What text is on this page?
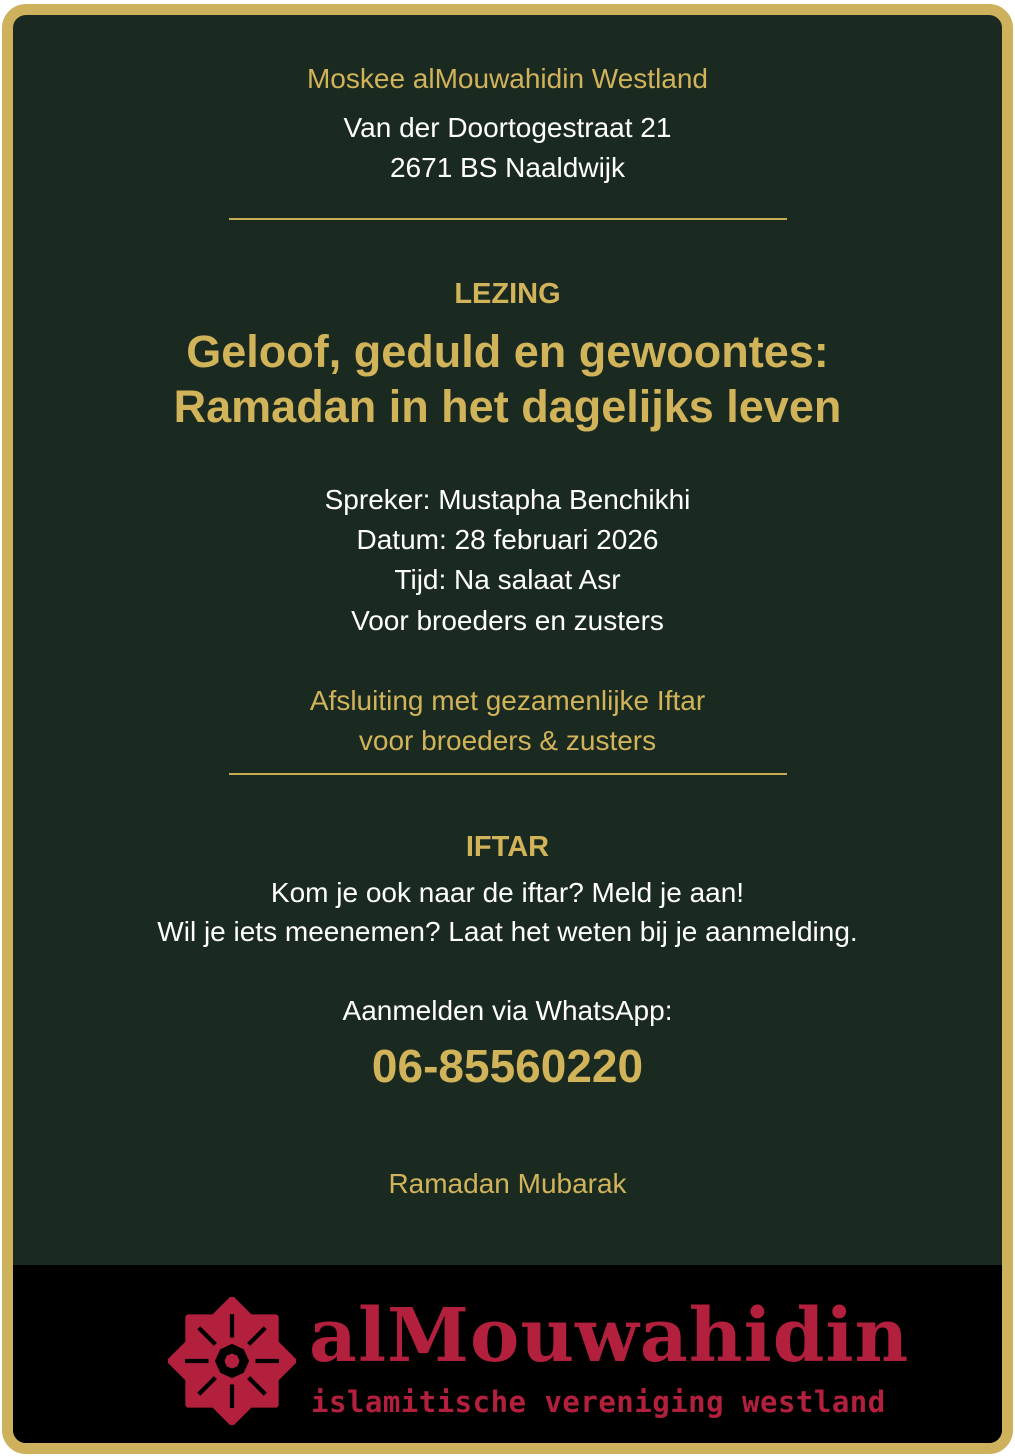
Moskee alMouwahidin Westland
Van der Doortogestraat 21
2671 BS Naaldwijk
LEZING
Geloof, geduld en gewoontes:
Ramadan in het dagelijks leven
Spreker: Mustapha Benchikhi
Datum: 28 februari 2026
Tijd: Na salaat Asr
Voor broeders en zusters
Afsluiting met gezamenlijke Iftar
voor broeders & zusters
IFTAR
Kom je ook naar de iftar? Meld je aan!
Wil je iets meenemen? Laat het weten bij je aanmelding.
Aanmelden via WhatsApp:
06-85560220
Ramadan Mubarak
alMouwahidin
islamitische vereniging westland
